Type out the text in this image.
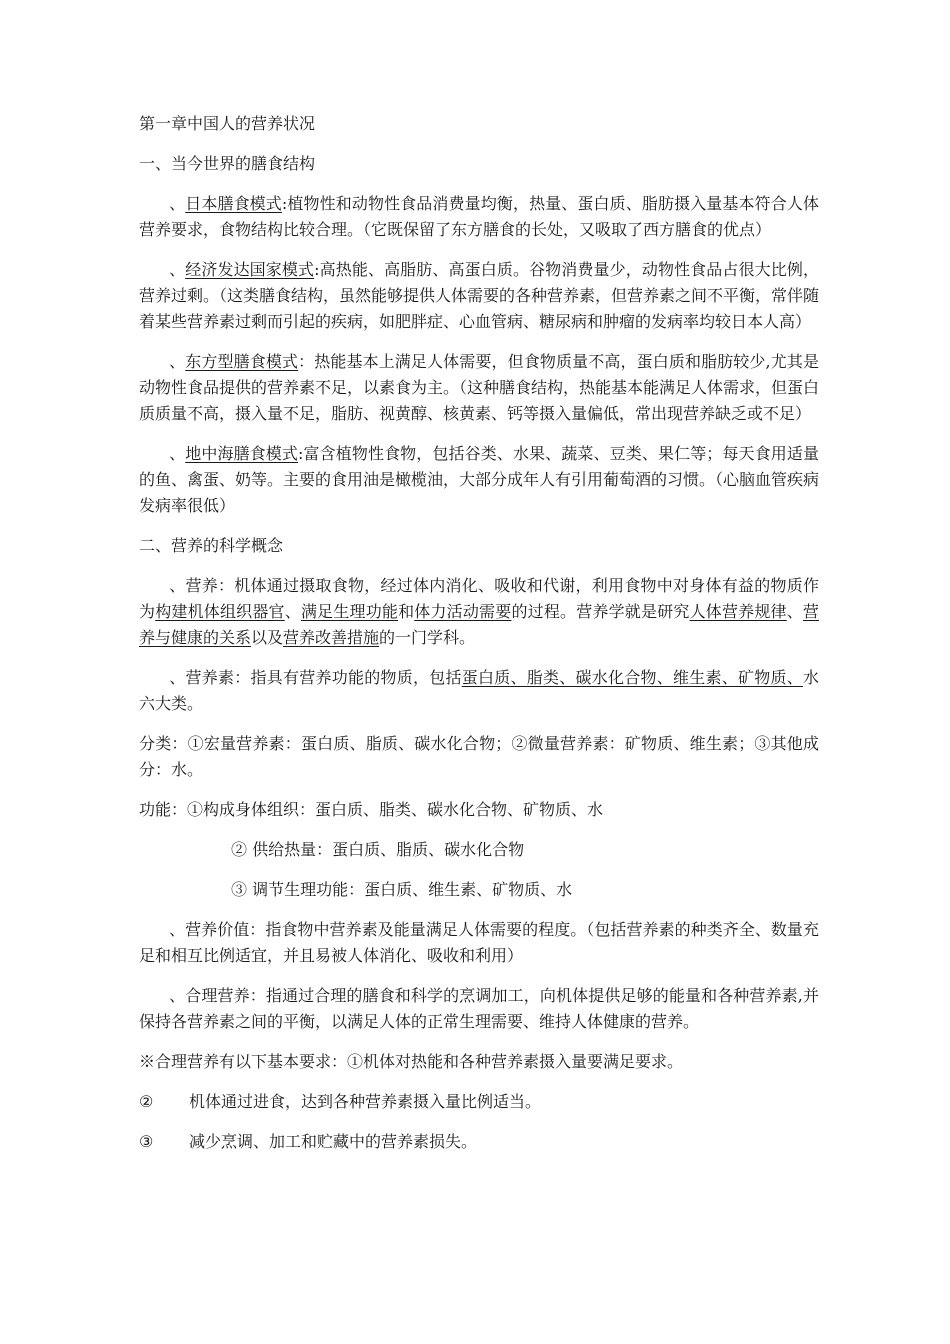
第一章中国人的营养状况

一、当今世界的膳食结构

、日本膳食模式:植物性和动物性食品消费量均衡，热量、蛋白质、脂肪摄入量基本符合人体营养要求，食物结构比较合理。（它既保留了东方膳食的长处，又吸取了西方膳食的优点）

、经济发达国家模式:高热能、高脂肪、高蛋白质。谷物消费量少，动物性食品占很大比例，营养过剩。（这类膳食结构，虽然能够提供人体需要的各种营养素，但营养素之间不平衡，常伴随着某些营养素过剩而引起的疾病，如肥胖症、心血管病、糖尿病和肿瘤的发病率均较日本人高）

、东方型膳食模式：热能基本上满足人体需要，但食物质量不高，蛋白质和脂肪较少,尤其是动物性食品提供的营养素不足，以素食为主。（这种膳食结构，热能基本能满足人体需求，但蛋白质质量不高，摄入量不足，脂肪、视黄醇、核黄素、钙等摄入量偏低，常出现营养缺乏或不足）

、地中海膳食模式:富含植物性食物，包括谷类、水果、蔬菜、豆类、果仁等；每天食用适量的鱼、禽蛋、奶等。主要的食用油是橄榄油，大部分成年人有引用葡萄酒的习惯。（心脑血管疾病发病率很低）

二、营养的科学概念

、营养：机体通过摄取食物，经过体内消化、吸收和代谢，利用食物中对身体有益的物质作为构建机体组织器官、满足生理功能和体力活动需要的过程。营养学就是研究人体营养规律、营养与健康的关系以及营养改善措施的一门学科。

、营养素：指具有营养功能的物质，包括蛋白质、脂类、碳水化合物、维生素、矿物质、水六大类。

分类：①宏量营养素：蛋白质、脂质、碳水化合物；②微量营养素：矿物质、维生素；③其他成分：水。

功能：①构成身体组织：蛋白质、脂类、碳水化合物、矿物质、水

② 供给热量：蛋白质、脂质、碳水化合物

③ 调节生理功能：蛋白质、维生素、矿物质、水

、营养价值：指食物中营养素及能量满足人体需要的程度。（包括营养素的种类齐全、数量充足和相互比例适宜，并且易被人体消化、吸收和利用）

、合理营养：指通过合理的膳食和科学的烹调加工，向机体提供足够的能量和各种营养素,并保持各营养素之间的平衡，以满足人体的正常生理需要、维持人体健康的营养。

※合理营养有以下基本要求：①机体对热能和各种营养素摄入量要满足要求。

② 机体通过进食，达到各种营养素摄入量比例适当。

③ 减少烹调、加工和贮藏中的营养素损失。
